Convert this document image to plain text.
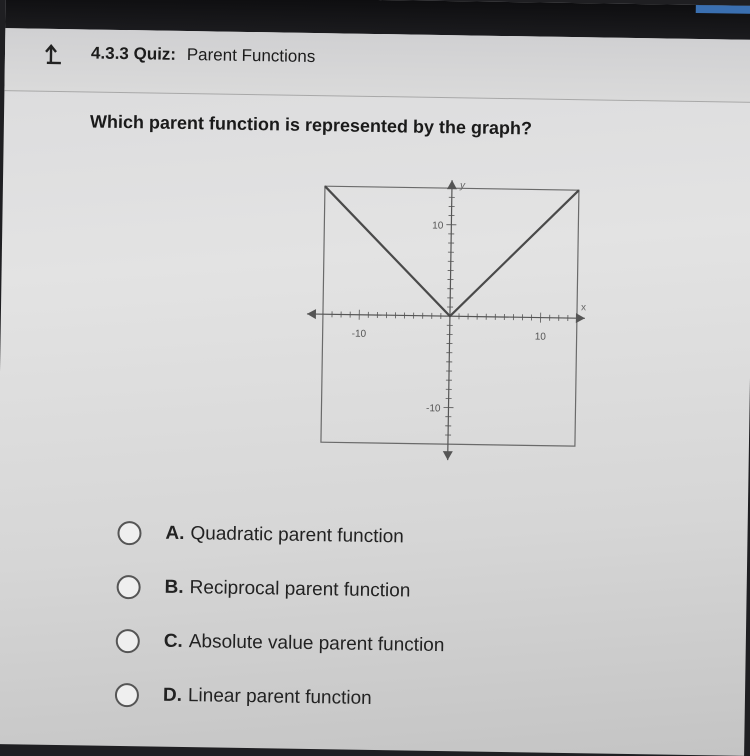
4.3.3 Quiz: Parent Functions
Which parent function is represented by the graph?
x
y
-10	10
10
-10
A. Quadratic parent function
B. Reciprocal parent function
C. Absolute value parent function
D. Linear parent function
